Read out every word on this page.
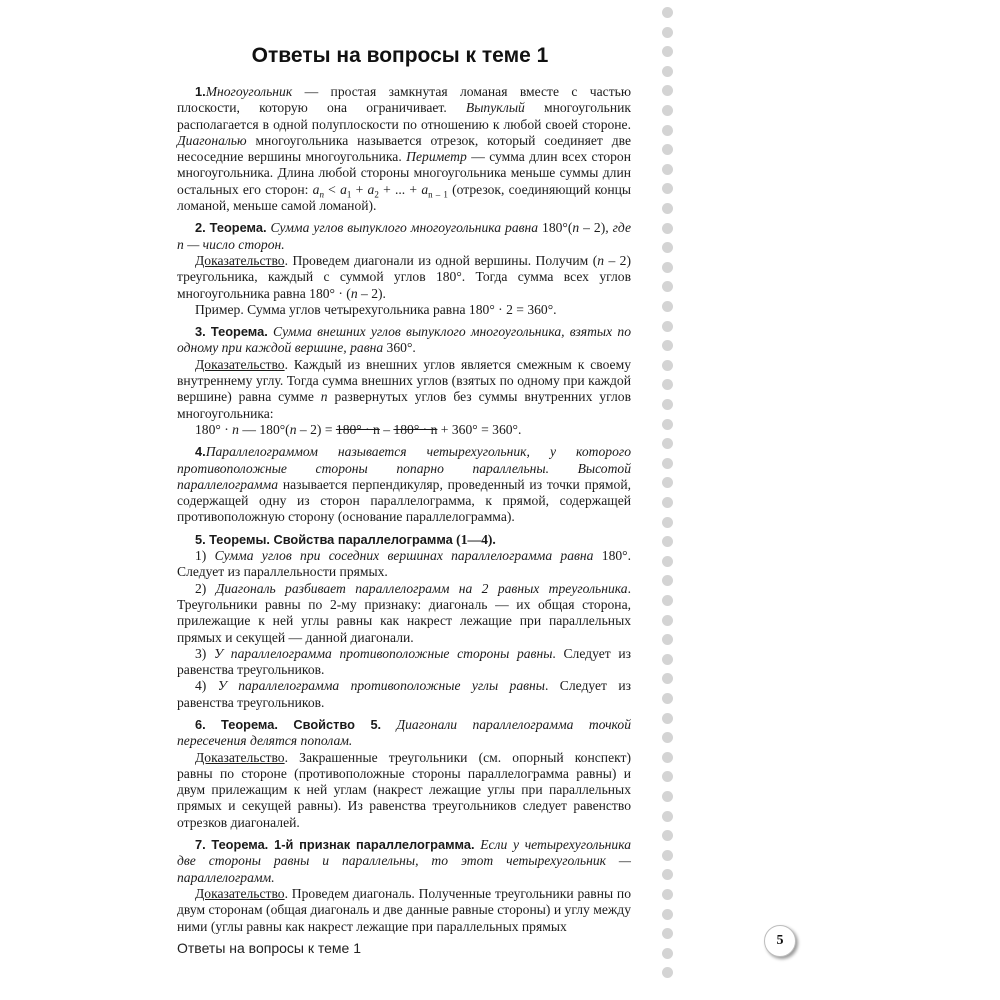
Ответы на вопросы к теме 1

1.Многоугольник — простая замкнутая ломаная вместе с частью плоскости, которую она ограничивает. Выпуклый многоугольник располагается в одной полуплоскости по отношению к любой своей стороне. Диагональю многоугольника называется отрезок, который соединяет две несоседние вершины многоугольника. Периметр — сумма длин всех сторон многоугольника. Длина любой стороны многоугольника меньше суммы длин остальных его сторон: $a_n < a_1 + a_2$ + ... + $a_{n - 1}$ (отрезок, соединяющий концы ломаной, меньше самой ломаной).

2. Теорема. Сумма углов выпуклого многоугольника равна 180°(n – 2), где n — число сторон.

Доказательство. Проведем диагонали из одной вершины. Получим (n – 2) треугольника, каждый с суммой углов 180°. Тогда сумма всех углов многоугольника равна 180° · (n – 2).

Пример. Сумма углов четырехугольника равна 180° · 2 = 360°.

3. Теорема. Сумма внешних углов выпуклого многоугольника, взятых по одному при каждой вершине, равна 360°.

Доказательство. Каждый из внешних углов является смежным к своему внутреннему углу. Тогда сумма внешних углов (взятых по одному при каждой вершине) равна сумме n развернутых углов без суммы внутренних углов многоугольника:

180° · n — 180°(n – 2) = 180° · n – 180° · n + 360° = 360°.

4.Параллелограммом называется четырехугольник, у которого противоположные стороны попарно параллельны. Высотой параллелограмма называется перпендикуляр, проведенный из точки прямой, содержащей одну из сторон параллелограмма, к прямой, содержащей противоположную сторону (основание параллелограмма).

5. Теоремы. Свойства параллелограмма (1—4).

1) Сумма углов при соседних вершинах параллелограмма равна 180°. Следует из параллельности прямых.

2) Диагональ разбивает параллелограмм на 2 равных треугольника. Треугольники равны по 2-му признаку: диагональ — их общая сторона, прилежащие к ней углы равны как накрест лежащие при параллельных прямых и секущей — данной диагонали.

3) У параллелограмма противоположные стороны равны. Следует из равенства треугольников.

4) У параллелограмма противоположные углы равны. Следует из равенства треугольников.

6. Теорема. Свойство 5. Диагонали параллелограмма точкой пересечения делятся пополам.

Доказательство. Закрашенные треугольники (см. опорный конспект) равны по стороне (противоположные стороны параллелограмма равны) и двум прилежащим к ней углам (накрест лежащие углы при параллельных прямых и секущей равны). Из равенства треугольников следует равенство отрезков диагоналей.

7. Теорема. 1-й признак параллелограмма. Если у четырехугольника две стороны равны и параллельны, то этот четырехугольник — параллелограмм.

Доказательство. Проведем диагональ. Полученные треугольники равны по двум сторонам (общая диагональ и две данные равные стороны) и углу между ними (углы равны как накрест лежащие при параллельных прямых

Ответы на вопросы к теме 1	5
